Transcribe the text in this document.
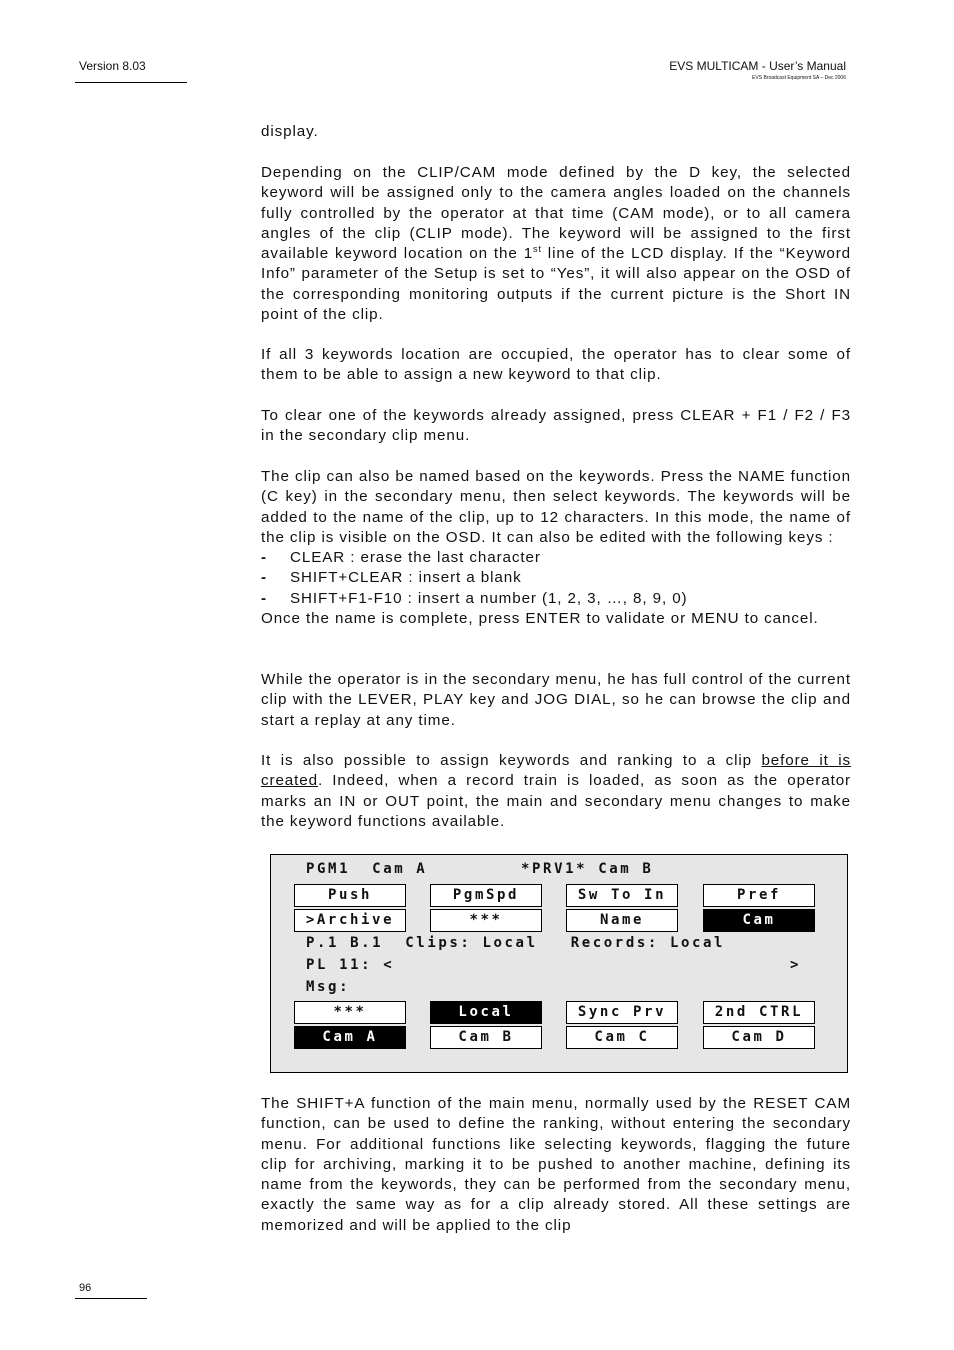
Version 8.03	EVS MULTICAM - User’s Manual
EVS Broadcast Equipment SA – Dec 2006

display.

Depending on the CLIP/CAM mode defined by the D key, the selected keyword will be assigned only to the camera angles loaded on the channels fully controlled by the operator at that time (CAM mode), or to all camera angles of the clip (CLIP mode). The keyword will be assigned to the first available keyword location on the 1st line of the LCD display. If the “Keyword Info” parameter of the Setup is set to “Yes”, it will also appear on the OSD of the corresponding monitoring outputs if the current picture is the Short IN point of the clip.

If all 3 keywords location are occupied, the operator has to clear some of them to be able to assign a new keyword to that clip.

To clear one of the keywords already assigned, press CLEAR + F1 / F2 / F3 in the secondary clip menu.

The clip can also be named based on the keywords. Press the NAME function (C key) in the secondary menu, then select keywords. The keywords will be added to the name of the clip, up to 12 characters. In this mode, the name of the clip is visible on the OSD. It can also be edited with the following keys :

- CLEAR : erase the last character
- SHIFT+CLEAR : insert a blank
- SHIFT+F1-F10 : insert a number (1, 2, 3, …, 8, 9, 0)

Once the name is complete, press ENTER to validate or MENU to cancel.

While the operator is in the secondary menu, he has full control of the current clip with the LEVER, PLAY key and JOG DIAL, so he can browse the clip and start a replay at any time.

It is also possible to assign keywords and ranking to a clip before it is created. Indeed, when a record train is loaded, as soon as the operator marks an IN or OUT point, the main and secondary menu changes to make the keyword functions available.

PGM1  Cam A	*PRV1* Cam B
Push	PgmSpd	Sw To In	Pref
>Archive	***	Name	Cam
P.1 B.1  Clips: Local   Records: Local
PL 11: <	>
Msg:
***	Local	Sync Prv	2nd CTRL
Cam A	Cam B	Cam C	Cam D

The SHIFT+A function of the main menu, normally used by the RESET CAM function, can be used to define the ranking, without entering the secondary menu. For additional functions like selecting keywords, flagging the future clip for archiving, marking it to be pushed to another machine, defining its name from the keywords, they can be performed from the secondary menu, exactly the same way as for a clip already stored. All these settings are memorized and will be applied to the clip

96
